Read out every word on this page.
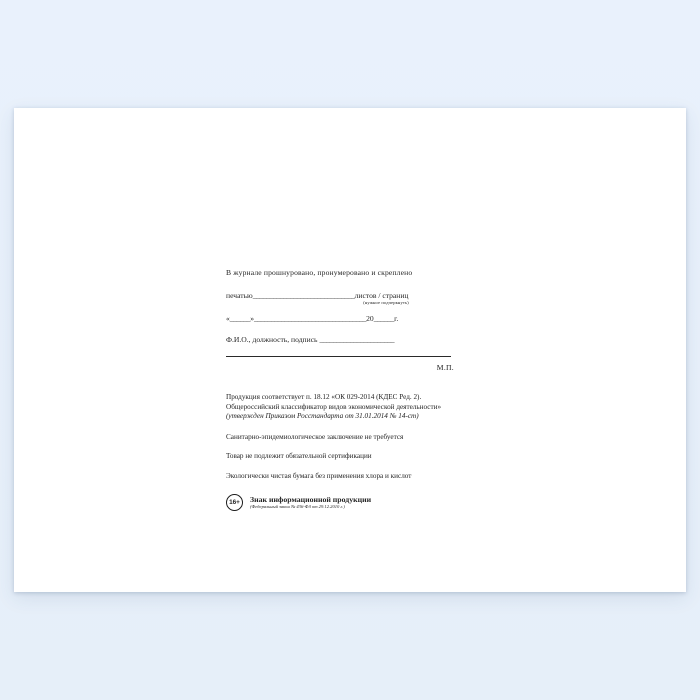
В журнале прошнуровано, пронумеровано и скреплено
печатью______________________________листов / страниц
(нужное подчеркнуть)
«______»_________________________________20______г.
Ф.И.О., должность, подпись ______________________
М.П.
Продукция соответствует п. 18.12 «ОК 029-2014 (КДЕС Ред. 2).
Общероссийский классификатор видов экономической деятельности»
(утвержден Приказом Росстандарта от 31.01.2014 № 14-ст)
Санитарно-эпидемиологическое заключение не требуется
Товар не подлежит обязательной сертификации
Экологически чистая бумага без применения хлора и кислот
16+	Знак информационной продукции
(Федеральный закон № 436-ФЗ от 29.12.2010 г.)
